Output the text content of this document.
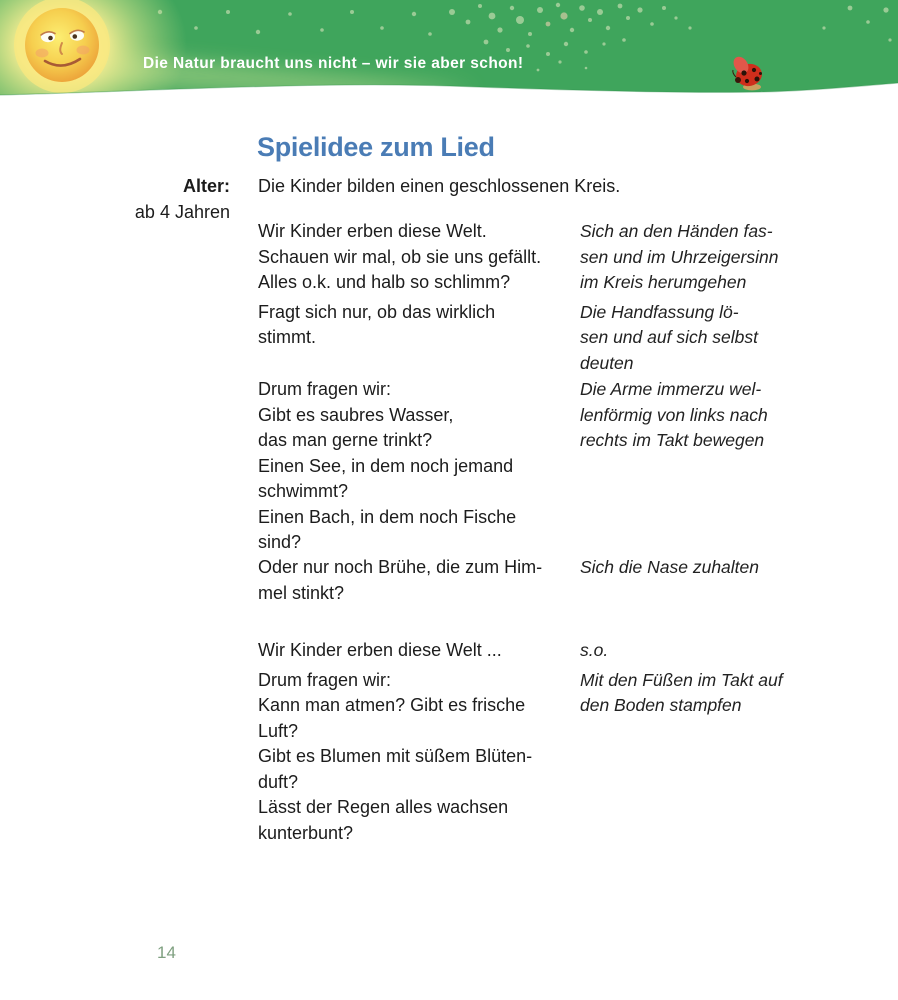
Die Natur braucht uns nicht – wir sie aber schon!
Spielidee zum Lied
Alter:
ab 4 Jahren
Die Kinder bilden einen geschlossenen Kreis.
Wir Kinder erben diese Welt.
Schauen wir mal, ob sie uns gefällt.
Alles o.k. und halb so schlimm?
Fragt sich nur, ob das wirklich
stimmt.
Sich an den Händen fas-
sen und im Uhrzeigersinn
im Kreis herumgehen
Die Handfassung lö-
sen und auf sich selbst
deuten
Drum fragen wir:
Gibt es saubres Wasser,
das man gerne trinkt?
Einen See, in dem noch jemand
schwimmt?
Einen Bach, in dem noch Fische
sind?
Die Arme immerzu wel-
lenförmig von links nach
rechts im Takt bewegen
Oder nur noch Brühe, die zum Him-
mel stinkt?
Sich die Nase zuhalten
Wir Kinder erben diese Welt ...
Drum fragen wir:
Kann man atmen? Gibt es frische
Luft?
Gibt es Blumen mit süßem Blüten-
duft?
Lässt der Regen alles wachsen
kunterbunt?
s.o.
Mit den Füßen im Takt auf
den Boden stampfen
14
